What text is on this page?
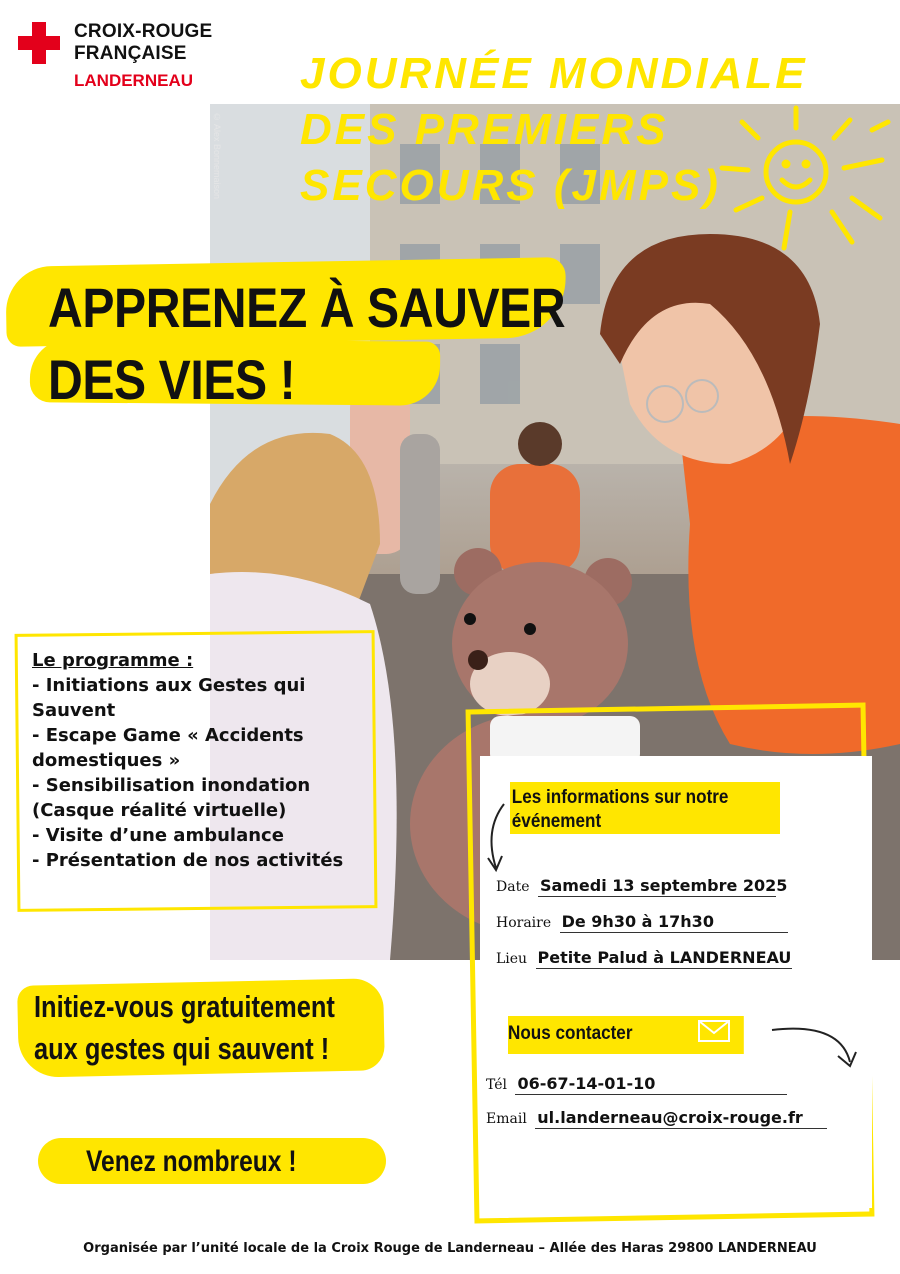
CROIX-ROUGE
FRANÇAISE
LANDERNEAU
© Alex Bonnemaison
JOURNÉE MONDIALE
DES PREMIERS
SECOURS (JMPS)
APPRENEZ À SAUVER
DES VIES !
Le programme :
- Initiations aux Gestes qui
Sauvent
- Escape Game « Accidents
domestiques »
- Sensibilisation inondation
(Casque réalité virtuelle)
- Visite d’une ambulance
- Présentation de nos activités
Les informations sur notre
événement
Date Samedi 13 septembre 2025
Horaire De 9h30 à 17h30
Lieu Petite Palud à LANDERNEAU
Nous contacter
Tél 06-67-14-01-10
Email ul.landerneau@croix-rouge.fr
Initiez-vous gratuitement
aux gestes qui sauvent !
Venez nombreux !
Organisée par l’unité locale de la Croix Rouge de Landerneau – Allée des Haras 29800 LANDERNEAU
